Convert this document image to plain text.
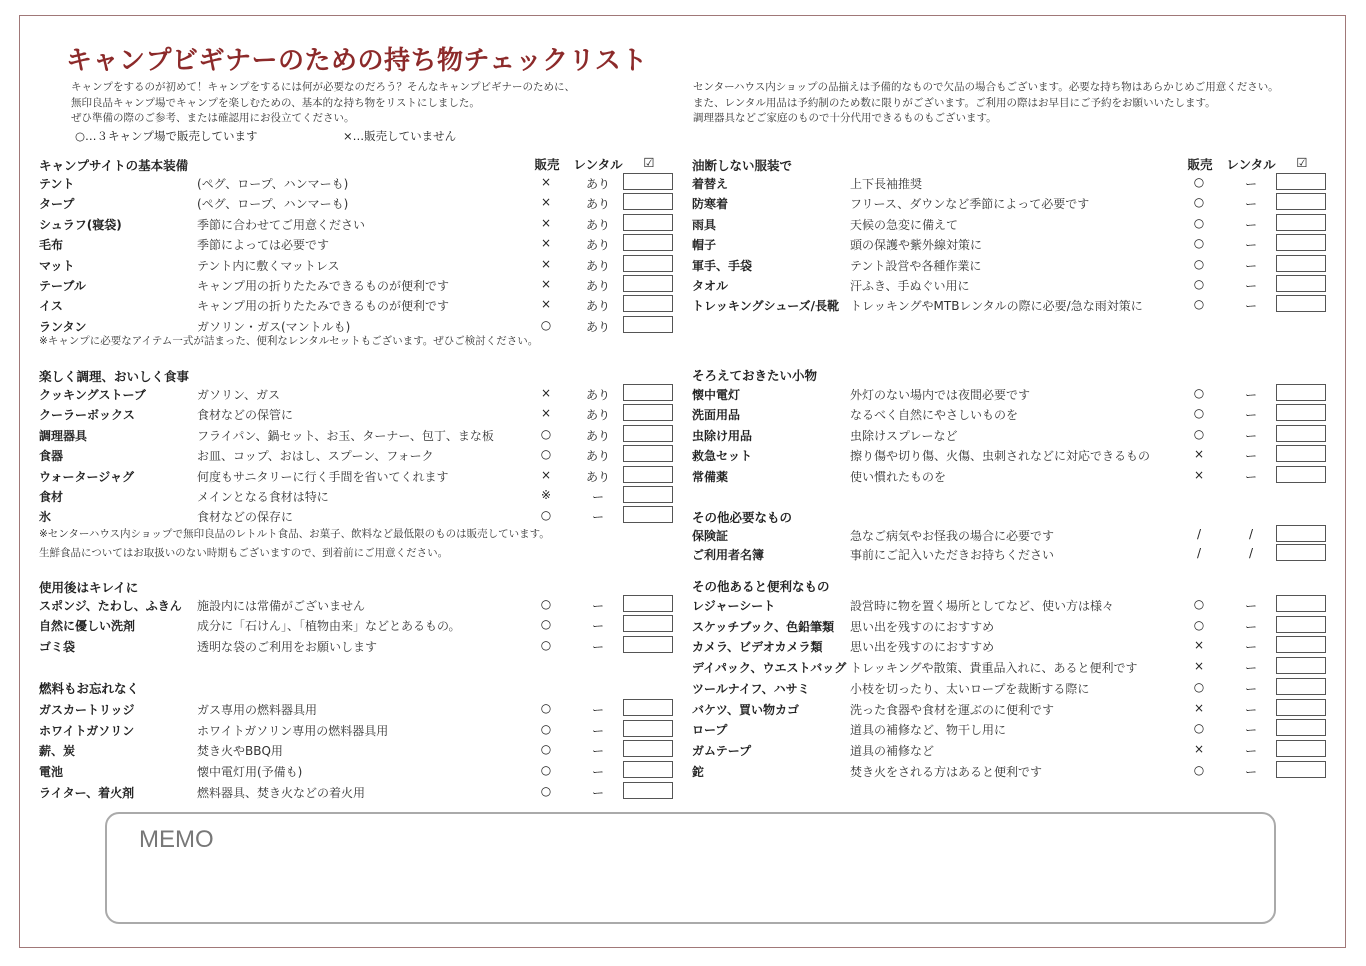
キャンプビギナーのための持ち物チェックリスト
キャンプをするのが初めて！キャンプをするには何が必要なのだろう？そんなキャンプビギナーのために、
無印良品キャンプ場でキャンプを楽しむための、基本的な持ち物をリストにしました。
ぜひ準備の際のご参考、または確認用にお役立てください。
センターハウス内ショップの品揃えは予備的なもので欠品の場合もございます。必要な持ち物はあらかじめご用意ください。
また、レンタル用品は予約制のため数に限りがございます。ご利用の際はお早目にご予約をお願いいたします。
調理器具などご家庭のもので十分代用できるものもございます。
○…３キャンプ場で販売しています	×…販売していません
販売	レンタル	☑	販売	レンタル	☑
キャンプサイトの基本装備
テント	(ペグ、ロープ、ハンマーも)	×	あり
タープ	(ペグ、ロープ、ハンマーも)	×	あり
シュラフ(寝袋)	季節に合わせてご用意ください	×	あり
毛布	季節によっては必要です	×	あり
マット	テント内に敷くマットレス	×	あり
テーブル	キャンプ用の折りたたみできるものが便利です	×	あり
イス	キャンプ用の折りたたみできるものが便利です	×	あり
ランタン	ガソリン・ガス(マントルも)	○	あり
※キャンプに必要なアイテム一式が詰まった、便利なレンタルセットもございます。ぜひご検討ください。
楽しく調理、おいしく食事
クッキングストーブ	ガソリン、ガス	×	あり
クーラーボックス	食材などの保管に	×	あり
調理器具	フライパン、鍋セット、お玉、ターナー、包丁、まな板	○	あり
食器	お皿、コップ、おはし、スプーン、フォーク	○	あり
ウォータージャグ	何度もサニタリーに行く手間を省いてくれます	×	あり
食材	メインとなる食材は特に	※	ー
氷	食材などの保存に	○	ー
※センターハウス内ショップで無印良品のレトルト食品、お菓子、飲料など最低限のものは販売しています。
生鮮食品についてはお取扱いのない時期もございますので、到着前にご用意ください。
使用後はキレイに
スポンジ、たわし、ふきん 施設内には常備がございません	○	ー
自然に優しい洗剤	成分に「石けん」、「植物由来」などとあるもの。	○	ー
ゴミ袋	透明な袋のご利用をお願いします	○	ー
燃料もお忘れなく
ガスカートリッジ	ガス専用の燃料器具用	○	ー
ホワイトガソリン	ホワイトガソリン専用の燃料器具用	○	ー
薪、炭	焚き火やBBQ用	○	ー
電池	懐中電灯用(予備も)	○	ー
ライター、着火剤	燃料器具、焚き火などの着火用	○	ー
油断しない服装で
着替え	上下長袖推奨	○	ー
防寒着	フリース、ダウンなど季節によって必要です	○	ー
雨具	天候の急変に備えて	○	ー
帽子	頭の保護や紫外線対策に	○	ー
軍手、手袋	テント設営や各種作業に	○	ー
タオル	汗ふき、手ぬぐい用に	○	ー
トレッキングシューズ/長靴 トレッキングやMTBレンタルの際に必要/急な雨対策に	○	ー
そろえておきたい小物
懐中電灯	外灯のない場内では夜間必要です	○	ー
洗面用品	なるべく自然にやさしいものを	○	ー
虫除け用品	虫除けスプレーなど	○	ー
救急セット	擦り傷や切り傷、火傷、虫刺されなどに対応できるもの	×	ー
常備薬	使い慣れたものを	×	ー
その他必要なもの
保険証	急なご病気やお怪我の場合に必要です	/	/
ご利用者名簿	事前にご記入いただきお持ちください	/	/
その他あると便利なもの
レジャーシート	設営時に物を置く場所としてなど、使い方は様々	○	ー
スケッチブック、色鉛筆類 思い出を残すのにおすすめ	○	ー
カメラ、ビデオカメラ類 思い出を残すのにおすすめ	×	ー
デイパック、ウエストバッグ トレッキングや散策、貴重品入れに、あると便利です	×	ー
ツールナイフ、ハサミ	小枝を切ったり、太いロープを裁断する際に	○	ー
バケツ、買い物カゴ	洗った食器や食材を運ぶのに便利です	×	ー
ロープ	道具の補修など、物干し用に	○	ー
ガムテープ	道具の補修など	×	ー
鉈	焚き火をされる方はあると便利です	○	ー
MEMO
